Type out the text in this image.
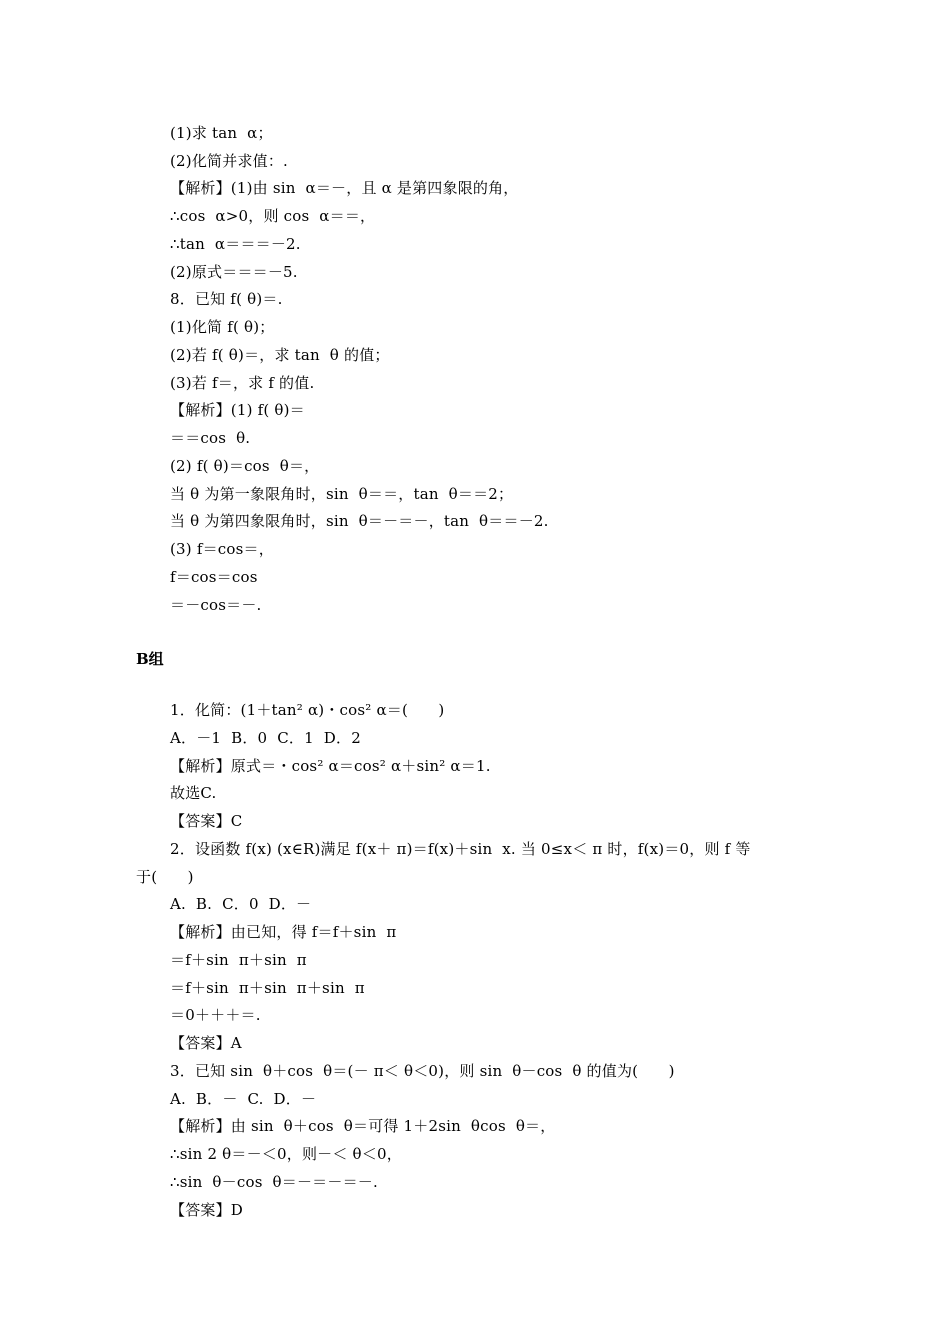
(1)求 tan  α；
(2)化简并求值：.
【解析】(1)由 sin  α＝－，且 α 是第四象限的角，
∴cos  α>0，则 cos  α＝＝，
∴tan  α＝＝＝－2.
(2)原式＝＝＝－5.
8．已知 f( θ)＝.
(1)化简 f( θ)；
(2)若 f( θ)＝，求 tan  θ 的值；
(3)若 f＝，求 f 的值.
【解析】(1) f( θ)＝
＝＝cos  θ.
(2) f( θ)＝cos  θ＝，
当 θ 为第一象限角时，sin  θ＝＝，tan  θ＝＝2；
当 θ 为第四象限角时，sin  θ＝－＝－，tan  θ＝＝－2.
(3) f＝cos＝，
f＝cos＝cos
＝－cos＝－.
B组
1．化简：(1＋tan² α)・cos² α＝(　　)
A．－1  B．0  C．1  D．2
【解析】原式＝・cos² α＝cos² α＋sin² α＝1.
故选C.
【答案】C
2．设函数 f(x) (x∈R)满足 f(x＋ π)＝f(x)＋sin  x. 当 0≤x＜ π 时，f(x)＝0，则 f 等
于(　　)
A.  B.  C．0  D．－
【解析】由已知，得 f＝f＋sin  π
＝f＋sin  π＋sin  π
＝f＋sin  π＋sin  π＋sin  π
＝0＋＋＋＝.
【答案】A
3．已知 sin  θ＋cos  θ＝(－ π＜ θ＜0)，则 sin  θ－cos  θ 的值为(　　)
A.  B．－  C.  D．－
【解析】由 sin  θ＋cos  θ＝可得 1＋2sin  θcos  θ＝，
∴sin 2 θ＝－＜0，则－＜ θ＜0，
∴sin  θ－cos  θ＝－＝－＝－.
【答案】D
